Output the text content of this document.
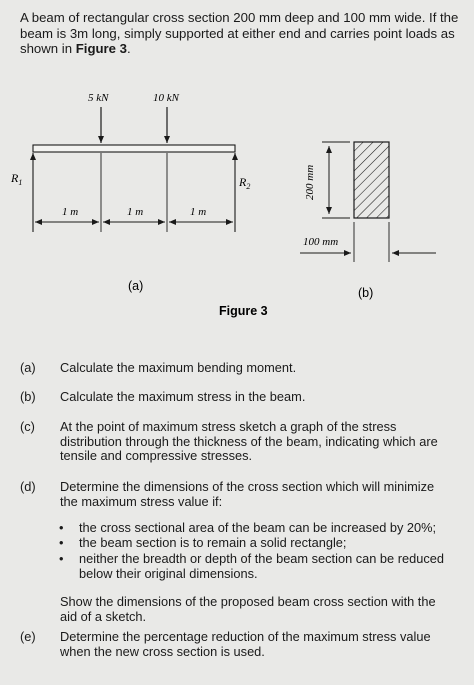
A beam of rectangular cross section 200 mm deep and 100 mm wide. If the beam is 3m long, simply supported at either end and carries point loads as shown in Figure 3.
5 kN	10 kN
$R_1$	$R_2$
1 m	1 m	1 m
200 mm
100 mm
(a)	(b)
Figure 3
(a) Calculate the maximum bending moment.
(b) Calculate the maximum stress in the beam.
(c) At the point of maximum stress sketch a graph of the stress distribution through the thickness of the beam, indicating which are tensile and compressive stresses.
(d) Determine the dimensions of the cross section which will minimize the maximum stress value if:
• the cross sectional area of the beam can be increased by 20%;
• the beam section is to remain a solid rectangle;
• neither the breadth or depth of the beam section can be reduced below their original dimensions.
Show the dimensions of the proposed beam cross section with the aid of a sketch.
(e) Determine the percentage reduction of the maximum stress value when the new cross section is used.
